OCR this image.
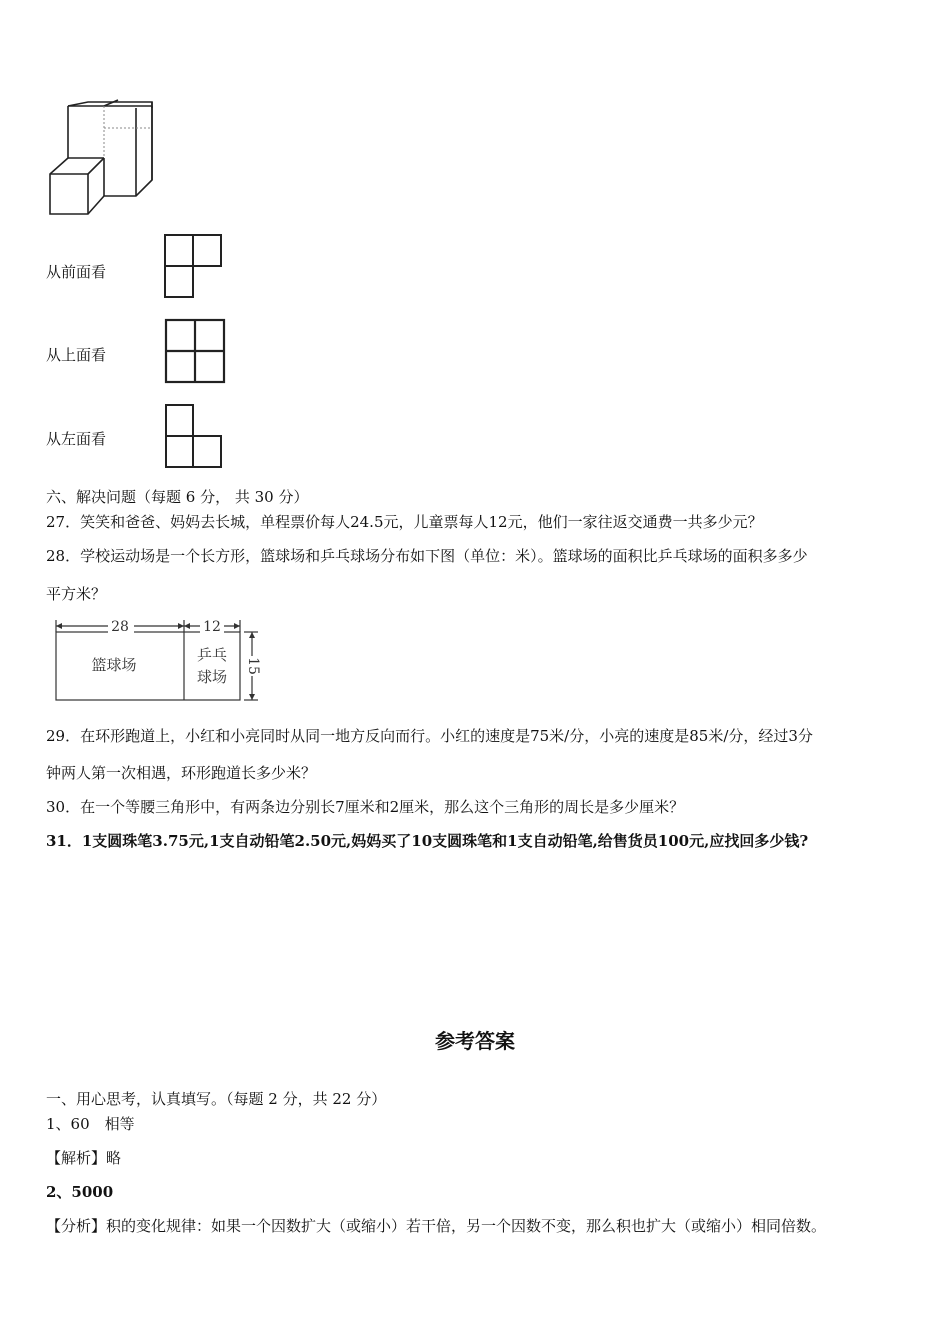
从前面看
从上面看
从左面看
六、解决问题（每题 6 分， 共 30 分）
27．笑笑和爸爸、妈妈去长城，单程票价每人24.5元，儿童票每人12元，他们一家往返交通费一共多少元？
28．学校运动场是一个长方形，篮球场和乒乓球场分布如下图（单位：米）。篮球场的面积比乒乓球场的面积多多少
平方米？
28	12
15
篮球场
乒乓
球场
29．在环形跑道上，小红和小亮同时从同一地方反向而行。小红的速度是75米/分，小亮的速度是85米/分，经过3分
钟两人第一次相遇，环形跑道长多少米？
30．在一个等腰三角形中，有两条边分别长7厘米和2厘米，那么这个三角形的周长是多少厘米？
31．1支圆珠笔3.75元,1支自动铅笔2.50元,妈妈买了10支圆珠笔和1支自动铅笔,给售货员100元,应找回多少钱?
参考答案
一、用心思考，认真填写。（每题 2 分，共 22 分）
1、60　相等
【解析】略
2、5000
【分析】积的变化规律：如果一个因数扩大（或缩小）若干倍，另一个因数不变，那么积也扩大（或缩小）相同倍数。
